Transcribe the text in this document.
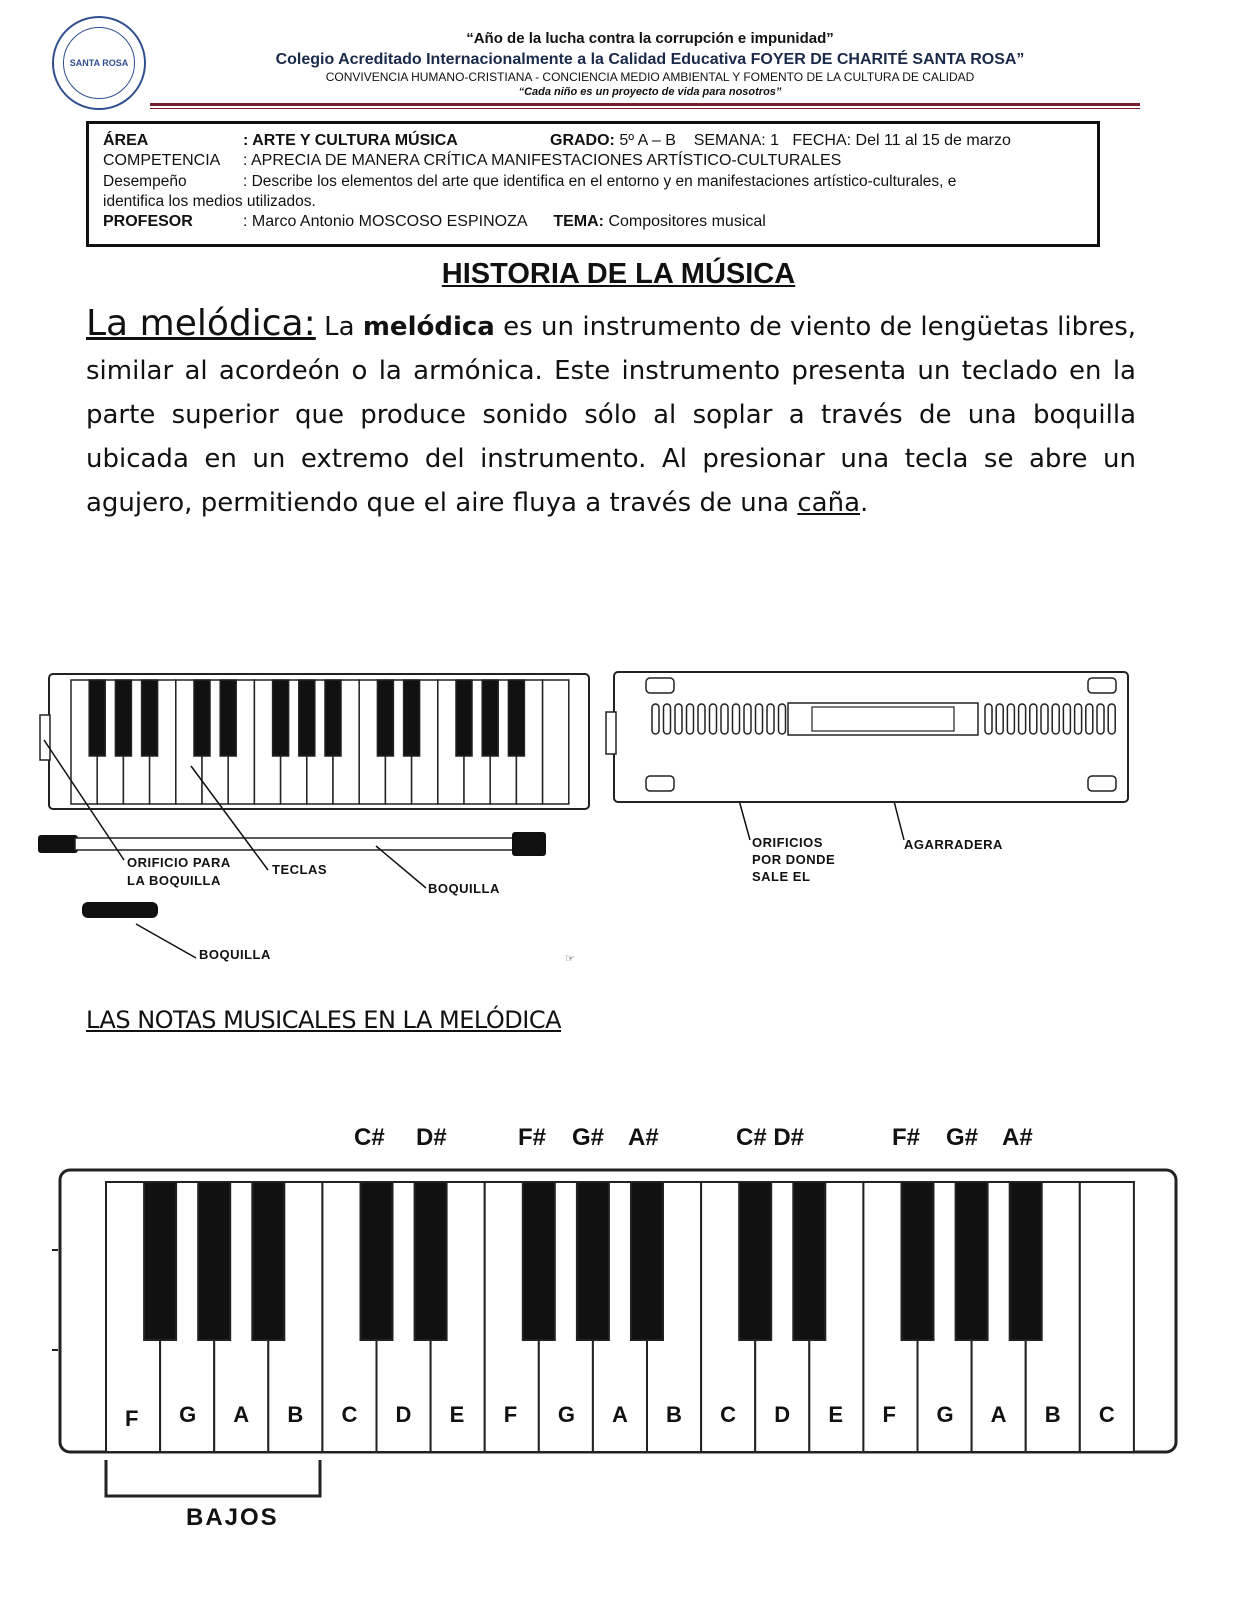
SANTA ROSA
“Año de la lucha contra la corrupción e impunidad”
Colegio Acreditado Internacionalmente a la Calidad Educativa FOYER DE CHARITÉ SANTA ROSA”
CONVIVENCIA HUMANO-CRISTIANA - CONCIENCIA MEDIO AMBIENTAL Y FOMENTO DE LA CULTURA DE CALIDAD
“Cada niño es un proyecto de vida para nosotros”
ÁREA	: ARTE Y CULTURA MÚSICA	GRADO: 5º A – B SEMANA: 1 FECHA: Del 11 al 15 de marzo
COMPETENCIA : APRECIA DE MANERA CRÍTICA MANIFESTACIONES ARTÍSTICO-CULTURALES
Desempeño	: Describe los elementos del arte que identifica en el entorno y en manifestaciones artístico-culturales, e
identifica los medios utilizados.
PROFESOR	: Marco Antonio MOSCOSO ESPINOZA TEMA: Compositores musical
HISTORIA DE LA MÚSICA
La melódica: La melódica es un instrumento de viento de lengüetas libres, similar al acordeón o la armónica. Este instrumento presenta un teclado en la parte superior que produce sonido sólo al soplar a través de una boquilla ubicada en un extremo del instrumento. Al presionar una tecla se abre un agujero, permitiendo que el aire fluya a través de una caña.
ORIFICIO PARA
LA BOQUILLA
TECLAS
BOQUILLA
BOQUILLA
ORIFICIOS
POR DONDE
SALE EL
AGARRADERA
☞
LAS NOTAS MUSICALES EN LA MELÓDICA
C# D#	F# G# A#	C# D#	F# G# A#
F G A B C D E F G A B C D E F G A B C
BAJOS
